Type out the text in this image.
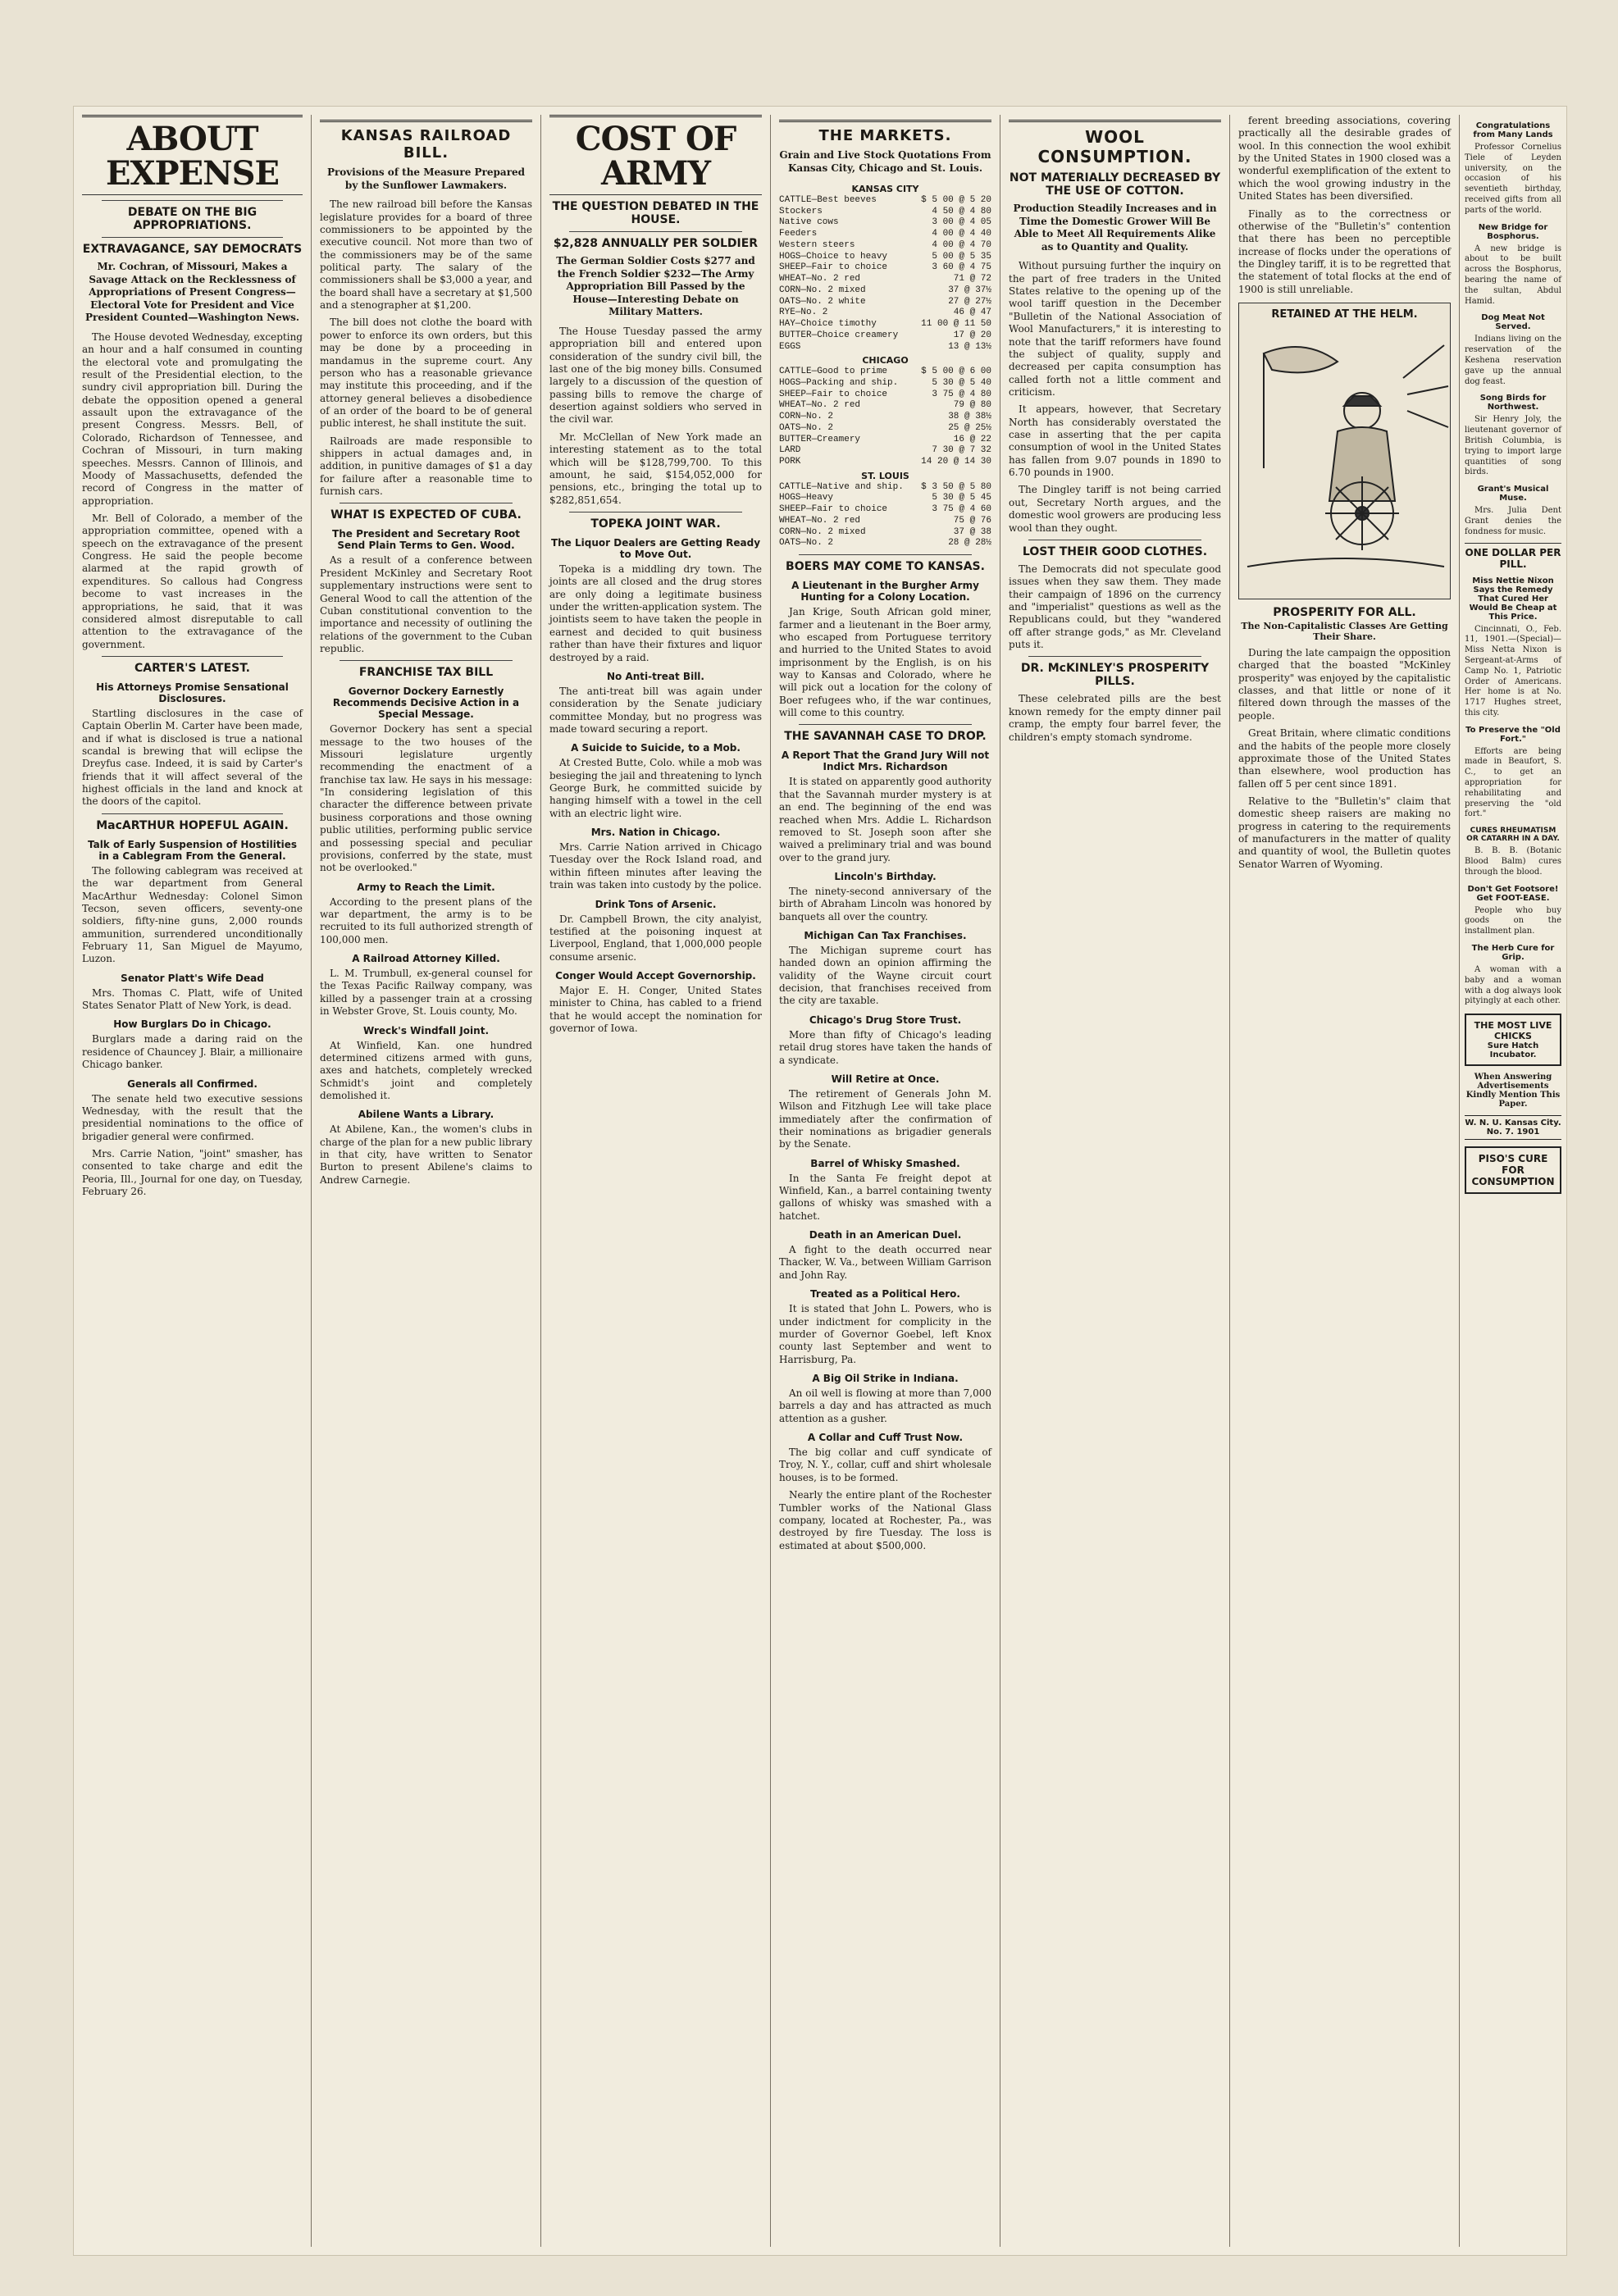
ABOUT EXPENSE
DEBATE ON THE BIG APPROPRIATIONS.
EXTRAVAGANCE, SAY DEMOCRATS
Mr. Cochran, of Missouri, Makes a Savage Attack on the Recklessness of Appropriations of Present Congress—Electoral Vote for President and Vice President Counted—Washington News.

The House devoted Wednesday, excepting an hour and a half consumed in counting the electoral vote and promulgating the result of the Presidential election, to the sundry civil appropriation bill. During the debate the opposition opened a general assault upon the extravagance of the present Congress. Messrs. Bell, of Colorado, Richardson of Tennessee, and Cochran of Missouri, in turn making speeches. Messrs. Cannon of Illinois, and Moody of Massachusetts, defended the record of Congress in the matter of appropriation.

Mr. Bell of Colorado, a member of the appropriation committee, opened with a speech on the extravagance of the present Congress. He said the people become alarmed at the rapid growth of expenditures. So callous had Congress become to vast increases in the appropriations, he said, that it was considered almost disreputable to call attention to the extravagance of the government.

CARTER'S LATEST.
His Attorneys Promise Sensational Disclosures.

Startling disclosures in the case of Captain Oberlin M. Carter have been made, and if what is disclosed is true a national scandal is brewing that will eclipse the Dreyfus case. Indeed, it is said by Carter's friends that it will affect several of the highest officials in the land and knock at the doors of the capitol.

MacARTHUR HOPEFUL AGAIN.
Talk of Early Suspension of Hostilities in a Cablegram From the General.

The following cablegram was received at the war department from General MacArthur Wednesday: Colonel Simon Tecson, seven officers, seventy-one soldiers, fifty-nine guns, 2,000 rounds ammunition, surrendered unconditionally February 11, San Miguel de Mayumo, Luzon.

Senator Platt's Wife Dead

Mrs. Thomas C. Platt, wife of United States Senator Platt of New York, is dead.

How Burglars Do in Chicago.

Burglars made a daring raid on the residence of Chauncey J. Blair, a millionaire Chicago banker.

Generals all Confirmed.

The senate held two executive sessions Wednesday, with the result that the presidential nominations to the office of brigadier general were confirmed.

Mrs. Carrie Nation, "joint" smasher, has consented to take charge and edit the Peoria, Ill., Journal for one day, on Tuesday, February 26.

KANSAS RAILROAD BILL.
Provisions of the Measure Prepared by the Sunflower Lawmakers.

The new railroad bill before the Kansas legislature provides for a board of three commissioners to be appointed by the executive council. Not more than two of the commissioners may be of the same political party. The salary of the commissioners shall be $3,000 a year, and the board shall have a secretary at $1,500 and a stenographer at $1,200.

The bill does not clothe the board with power to enforce its own orders, but this may be done by a proceeding in mandamus in the supreme court. Any person who has a reasonable grievance may institute this proceeding, and if the attorney general believes a disobedience of an order of the board to be of general public interest, he shall institute the suit.

Railroads are made responsible to shippers in actual damages and, in addition, in punitive damages of $1 a day for failure after a reasonable time to furnish cars.

WHAT IS EXPECTED OF CUBA.
The President and Secretary Root Send Plain Terms to Gen. Wood.

As a result of a conference between President McKinley and Secretary Root supplementary instructions were sent to General Wood to call the attention of the Cuban constitutional convention to the importance and necessity of outlining the relations of the government to the Cuban republic.

FRANCHISE TAX BILL
Governor Dockery Earnestly Recommends Decisive Action in a Special Message.

Governor Dockery has sent a special message to the two houses of the Missouri legislature urgently recommending the enactment of a franchise tax law. He says in his message: "In considering legislation of this character the difference between private business corporations and those owning public utilities, performing public service and possessing special and peculiar provisions, conferred by the state, must not be overlooked."

Army to Reach the Limit.

According to the present plans of the war department, the army is to be recruited to its full authorized strength of 100,000 men.

A Railroad Attorney Killed.

L. M. Trumbull, ex-general counsel for the Texas Pacific Railway company, was killed by a passenger train at a crossing in Webster Grove, St. Louis county, Mo.

Wreck's Windfall Joint.

At Winfield, Kan. one hundred determined citizens armed with guns, axes and hatchets, completely wrecked Schmidt's joint and completely demolished it.

Abilene Wants a Library.

At Abilene, Kan., the women's clubs in charge of the plan for a new public library in that city, have written to Senator Burton to present Abilene's claims to Andrew Carnegie.

COST OF ARMY
THE QUESTION DEBATED IN THE HOUSE.
$2,828 ANNUALLY PER SOLDIER
The German Soldier Costs $277 and the French Soldier $232—The Army Appropriation Bill Passed by the House—Interesting Debate on Military Matters.

The House Tuesday passed the army appropriation bill and entered upon consideration of the sundry civil bill, the last one of the big money bills. Consumed largely to a discussion of the question of passing bills to remove the charge of desertion against soldiers who served in the civil war.

Mr. McClellan of New York made an interesting statement as to the total which will be $128,799,700. To this amount, he said, $154,052,000 for pensions, etc., bringing the total up to $282,851,654.

TOPEKA JOINT WAR.
The Liquor Dealers are Getting Ready to Move Out.

Topeka is a middling dry town. The joints are all closed and the drug stores are only doing a legitimate business under the written-application system. The jointists seem to have taken the people in earnest and decided to quit business rather than have their fixtures and liquor destroyed by a raid.

No Anti-treat Bill.

The anti-treat bill was again under consideration by the Senate judiciary committee Monday, but no progress was made toward securing a report.

A Suicide to Suicide, to a Mob.

At Crested Butte, Colo. while a mob was besieging the jail and threatening to lynch George Burk, he committed suicide by hanging himself with a towel in the cell with an electric light wire.

Mrs. Nation in Chicago.

Mrs. Carrie Nation arrived in Chicago Tuesday over the Rock Island road, and within fifteen minutes after leaving the train was taken into custody by the police.

Drink Tons of Arsenic.

Dr. Campbell Brown, the city analyist, testified at the poisoning inquest at Liverpool, England, that 1,000,000 people consume arsenic.

Conger Would Accept Governorship.

Major E. H. Conger, United States minister to China, has cabled to a friend that he would accept the nomination for governor of Iowa.

THE MARKETS.
Grain and Live Stock Quotations From Kansas City, Chicago and St. Louis.
KANSAS CITY	
CATTLE—Best beeves	$ 5 00 @ 5 20
Stockers	4 50 @ 4 80
Native cows	3 00 @ 4 05
Feeders	4 00 @ 4 40
Western steers	4 00 @ 4 70
HOGS—Choice to heavy	5 00 @ 5 35
SHEEP—Fair to choice	3 60 @ 4 75
WHEAT—No. 2 red	71 @ 72
CORN—No. 2 mixed	37 @ 37½
OATS—No. 2 white	27 @ 27½
RYE—No. 2	46 @ 47
HAY—Choice timothy	11 00 @ 11 50
BUTTER—Choice creamery	17 @ 20
EGGS	13 @ 13½
CHICAGO	
CATTLE—Good to prime	$ 5 00 @ 6 00
HOGS—Packing and ship.	5 30 @ 5 40
SHEEP—Fair to choice	3 75 @ 4 80
WHEAT—No. 2 red	79 @ 80
CORN—No. 2	38 @ 38½
OATS—No. 2	25 @ 25½
BUTTER—Creamery	16 @ 22
LARD	7 30 @ 7 32
PORK	14 20 @ 14 30
ST. LOUIS	
CATTLE—Native and ship.	$ 3 50 @ 5 80
HOGS—Heavy	5 30 @ 5 45
SHEEP—Fair to choice	3 75 @ 4 60
WHEAT—No. 2 red	75 @ 76
CORN—No. 2 mixed	37 @ 38
OATS—No. 2	28 @ 28½
BOERS MAY COME TO KANSAS.
A Lieutenant in the Burgher Army Hunting for a Colony Location.

Jan Krige, South African gold miner, farmer and a lieutenant in the Boer army, who escaped from Portuguese territory and hurried to the United States to avoid imprisonment by the English, is on his way to Kansas and Colorado, where he will pick out a location for the colony of Boer refugees who, if the war continues, will come to this country.

THE SAVANNAH CASE TO DROP.
A Report That the Grand Jury Will not Indict Mrs. Richardson

It is stated on apparently good authority that the Savannah murder mystery is at an end. The beginning of the end was reached when Mrs. Addie L. Richardson removed to St. Joseph soon after she waived a preliminary trial and was bound over to the grand jury.

Lincoln's Birthday.

The ninety-second anniversary of the birth of Abraham Lincoln was honored by banquets all over the country.

Michigan Can Tax Franchises.

The Michigan supreme court has handed down an opinion affirming the validity of the Wayne circuit court decision, that franchises received from the city are taxable.

Chicago's Drug Store Trust.

More than fifty of Chicago's leading retail drug stores have taken the hands of a syndicate.

Will Retire at Once.

The retirement of Generals John M. Wilson and Fitzhugh Lee will take place immediately after the confirmation of their nominations as brigadier generals by the Senate.

Barrel of Whisky Smashed.

In the Santa Fe freight depot at Winfield, Kan., a barrel containing twenty gallons of whisky was smashed with a hatchet.

Death in an American Duel.

A fight to the death occurred near Thacker, W. Va., between William Garrison and John Ray.

Treated as a Political Hero.

It is stated that John L. Powers, who is under indictment for complicity in the murder of Governor Goebel, left Knox county last September and went to Harrisburg, Pa.

A Big Oil Strike in Indiana.

An oil well is flowing at more than 7,000 barrels a day and has attracted as much attention as a gusher.

A Collar and Cuff Trust Now.

The big collar and cuff syndicate of Troy, N. Y., collar, cuff and shirt wholesale houses, is to be formed.

Nearly the entire plant of the Rochester Tumbler works of the National Glass company, located at Rochester, Pa., was destroyed by fire Tuesday. The loss is estimated at about $500,000.

WOOL CONSUMPTION.
NOT MATERIALLY DECREASED BY THE USE OF COTTON.
Production Steadily Increases and in Time the Domestic Grower Will Be Able to Meet All Requirements Alike as to Quantity and Quality.

Without pursuing further the inquiry on the part of free traders in the United States relative to the opening up of the wool tariff question in the December "Bulletin of the National Association of Wool Manufacturers," it is interesting to note that the tariff reformers have found the subject of quality, supply and decreased per capita consumption has called forth not a little comment and criticism.

It appears, however, that Secretary North has considerably overstated the case in asserting that the per capita consumption of wool in the United States has fallen from 9.07 pounds in 1890 to 6.70 pounds in 1900.

The Dingley tariff is not being carried out, Secretary North argues, and the domestic wool growers are producing less wool than they ought.

LOST THEIR GOOD CLOTHES.

The Democrats did not speculate good issues when they saw them. They made their campaign of 1896 on the currency and "imperialist" questions as well as the Republicans could, but they "wandered off after strange gods," as Mr. Cleveland puts it.

DR. McKINLEY'S PROSPERITY PILLS.

These celebrated pills are the best known remedy for the empty dinner pail cramp, the empty four barrel fever, the children's empty stomach syndrome.

ferent breeding associations, covering practically all the desirable grades of wool. In this connection the wool exhibit by the United States in 1900 closed was a wonderful exemplification of the extent to which the wool growing industry in the United States has been diversified.

Finally as to the correctness or otherwise of the "Bulletin's" contention that there has been no perceptible increase of flocks under the operations of the Dingley tariff, it is to be regretted that the statement of total flocks at the end of 1900 is still unreliable.

RETAINED AT THE HELM.
PROSPERITY FOR ALL.
The Non-Capitalistic Classes Are Getting Their Share.

During the late campaign the opposition charged that the boasted "McKinley prosperity" was enjoyed by the capitalistic classes, and that little or none of it filtered down through the masses of the people.

Great Britain, where climatic conditions and the habits of the people more closely approximate those of the United States than elsewhere, wool production has fallen off 5 per cent since 1891.

Relative to the "Bulletin's" claim that domestic sheep raisers are making no progress in catering to the requirements of manufacturers in the matter of quality and quantity of wool, the Bulletin quotes Senator Warren of Wyoming.

Congratulations from Many Lands

Professor Cornelius Tiele of Leyden university, on the occasion of his seventieth birthday, received gifts from all parts of the world.

New Bridge for Bosphorus.

A new bridge is about to be built across the Bosphorus, bearing the name of the sultan, Abdul Hamid.

Dog Meat Not Served.

Indians living on the reservation of the Keshena reservation gave up the annual dog feast.

Song Birds for Northwest.

Sir Henry Joly, the lieutenant governor of British Columbia, is trying to import large quantities of song birds.

Grant's Musical Muse.

Mrs. Julia Dent Grant denies the fondness for music.

ONE DOLLAR PER PILL.
Miss Nettie Nixon Says the Remedy That Cured Her Would Be Cheap at This Price.

Cincinnati, O., Feb. 11, 1901.—(Special)—Miss Netta Nixon is Sergeant-at-Arms of Camp No. 1, Patriotic Order of Americans. Her home is at No. 1717 Hughes street, this city.

To Preserve the "Old Fort."

Efforts are being made in Beaufort, S. C., to get an appropriation for rehabilitating and preserving the "old fort."

CURES RHEUMATISM OR CATARRH IN A DAY.

B. B. B. (Botanic Blood Balm) cures through the blood.

Don't Get Footsore! Get FOOT-EASE.

People who buy goods on the installment plan.

The Herb Cure for Grip.

A woman with a baby and a woman with a dog always look pityingly at each other.

THE MOST LIVE CHICKS
Sure Hatch Incubator.
When Answering Advertisements Kindly Mention This Paper.
W. N. U. Kansas City. No. 7. 1901
PISO'S CURE FOR
CONSUMPTION
